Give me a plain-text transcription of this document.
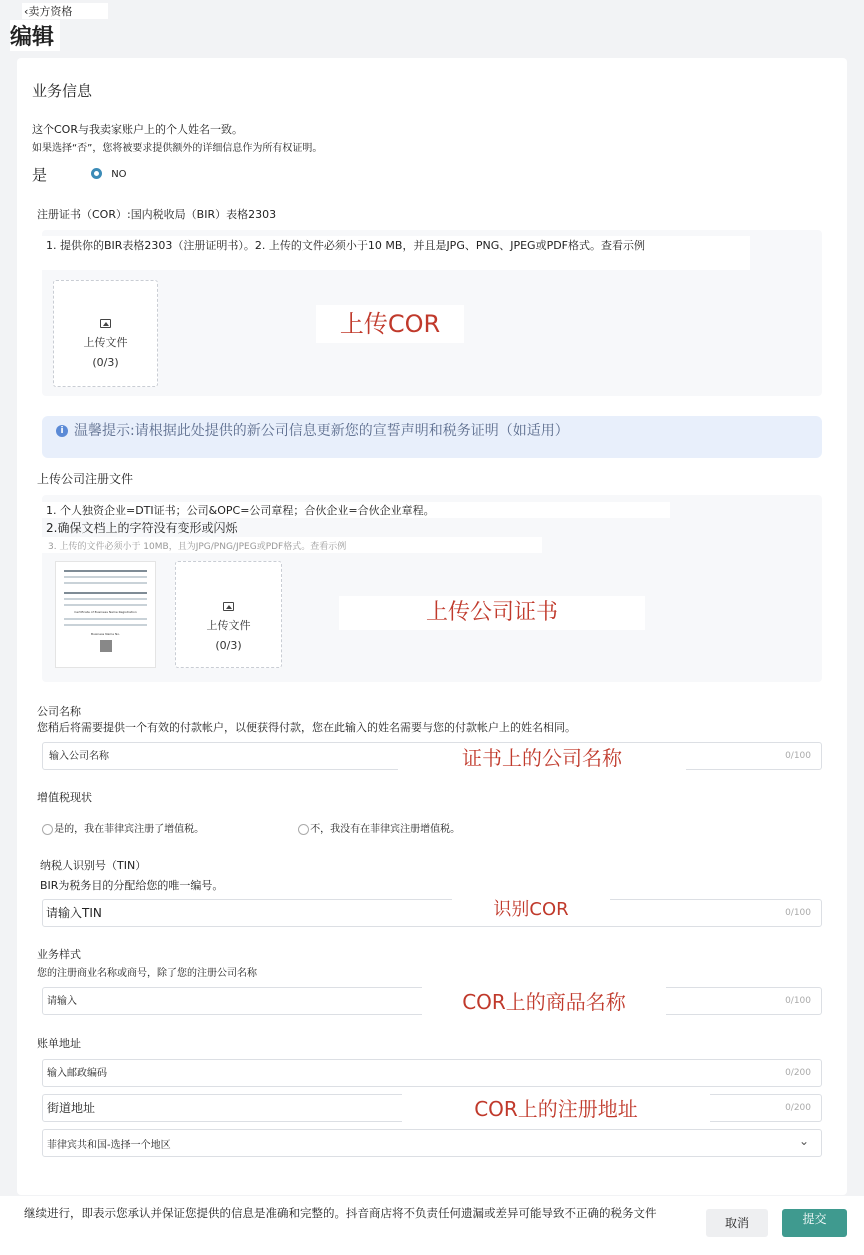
‹卖方资格
编辑
业务信息
这个COR与我卖家账户上的个人姓名一致。
如果选择“否”，您将被要求提供额外的详细信息作为所有权证明。
是	NO
注册证书（COR）:国内税收局（BIR）表格2303
1. 提供你的BIR表格2303（注册证明书）。2. 上传的文件必须小于10 MB，并且是JPG、PNG、JPEG或PDF格式。查看示例
上传文件
(0/3)
上传COR
i 温馨提示:请根据此处提供的新公司信息更新您的宣誓声明和税务证明（如适用）
上传公司注册文件
1. 个人独资企业=DTI证书；公司&OPC=公司章程；合伙企业=合伙企业章程。
2.确保文档上的字符没有变形或闪烁
3. 上传的文件必须小于 10MB，且为JPG/PNG/JPEG或PDF格式。查看示例
Certificate of Business Name Registration
Business Name No.
上传文件
(0/3)
上传公司证书
公司名称
您稍后将需要提供一个有效的付款帐户，以便获得付款，您在此输入的姓名需要与您的付款帐户上的姓名相同。
输入公司名称	0/100
证书上的公司名称
增值税现状
是的，我在菲律宾注册了增值税。	不，我没有在菲律宾注册增值税。
纳税人识别号（TIN）
BIR为税务目的分配给您的唯一编号。
请输入TIN	0/100
识别COR
业务样式
您的注册商业名称或商号，除了您的注册公司名称
请输入	0/100
COR上的商品名称
账单地址
输入邮政编码	0/200
街道地址	0/200
COR上的注册地址
菲律宾共和国-选择一个地区	⌄
继续进行，即表示您承认并保证您提供的信息是准确和完整的。抖音商店将不负责任何遗漏或差异可能导致不正确的税务文件
取消	提交
